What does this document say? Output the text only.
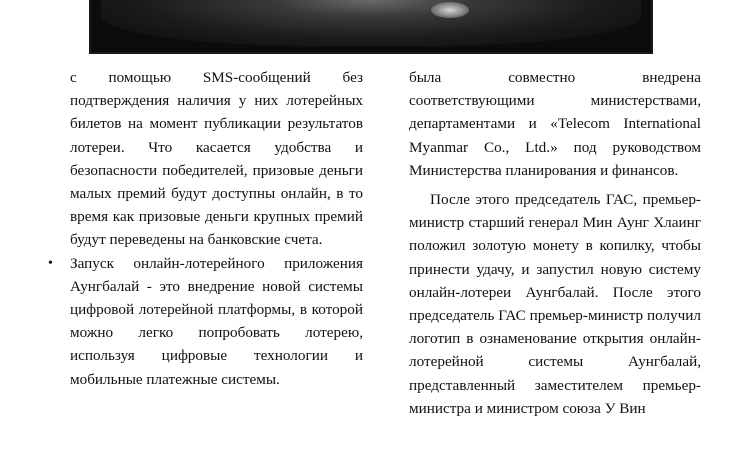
с помощью SMS-сообщений без подтверждения наличия у них лотерейных билетов на момент публикации результатов лотереи. Что касается удобства и безопасности победителей, призовые деньги малых премий будут доступны онлайн, в то время как призовые деньги крупных премий будут переведены на банковские счета.

• Запуск онлайн-лотерейного приложения Аунгбалай - это внедрение новой системы цифровой лотерейной платформы, в которой можно легко попробовать лотерею, используя цифровые технологии и мобильные платежные системы.

была совместно внедрена соответствующими министерствами, департаментами и «Telecom International Myanmar Co., Ltd.» под руководством Министерства планирования и финансов.

После этого председатель ГАС, премьер-министр старший генерал Мин Аунг Хлаинг положил золотую монету в копилку, чтобы принести удачу, и запустил новую систему онлайн-лотереи Аунгбалай. После этого председатель ГАС премьер-министр получил логотип в ознаменование открытия онлайн-лотерейной системы Аунгбалай, представленный заместителем премьер-министра и министром союза У Вин
